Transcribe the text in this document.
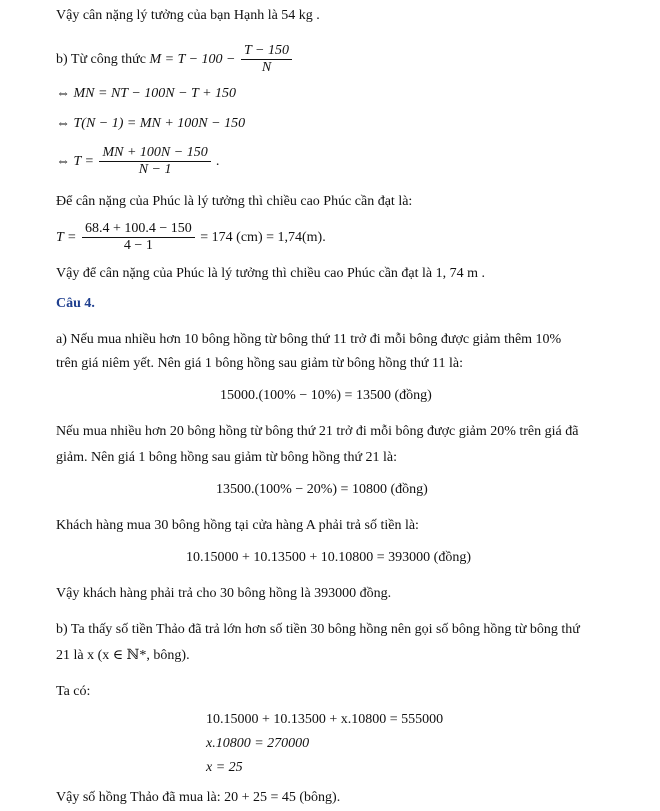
Vậy cân nặng lý tưởng của bạn Hạnh là 54 kg .
b) Từ công thức $M = T - 100 - \frac{T - 150}{N}$
⇔ MN = NT − 100N − T + 150
⇔ T(N − 1) = MN + 100N − 150
⇔ $T = \frac{MN + 100N - 150}{N - 1}$ .
Để cân nặng của Phúc là lý tưởng thì chiều cao Phúc cần đạt là:
$T = \frac{68.4 + 100.4 - 150}{4 - 1} = 174$ (cm) = 1,74(m).
Vậy để cân nặng của Phúc là lý tưởng thì chiều cao Phúc cần đạt là 1, 74 m .
Câu 4.
a) Nếu mua nhiều hơn 10 bông hồng từ bông thứ 11 trở đi mỗi bông được giảm thêm 10%
trên giá niêm yết. Nên giá 1 bông hồng sau giảm từ bông hồng thứ 11 là:
15000.(100% − 10%) = 13500 (đồng)
Nếu mua nhiều hơn 20 bông hồng từ bông thứ 21 trở đi mỗi bông được giảm 20% trên giá đã
giảm. Nên giá 1 bông hồng sau giảm từ bông hồng thứ 21 là:
13500.(100% − 20%) = 10800 (đồng)
Khách hàng mua 30 bông hồng tại cửa hàng A phải trả số tiền là:
10.15000 + 10.13500 + 10.10800 = 393000 (đồng)
Vậy khách hàng phải trả cho 30 bông hồng là 393000 đồng.
b) Ta thấy số tiền Thảo đã trả lớn hơn số tiền 30 bông hồng nên gọi số bông hồng từ bông thứ
21 là x (x ∈ ℕ*, bông).
Ta có:
10.15000 + 10.13500 + x.10800 = 555000
x.10800 = 270000
x = 25
Vậy số hồng Thảo đã mua là: 20 + 25 = 45 (bông).
